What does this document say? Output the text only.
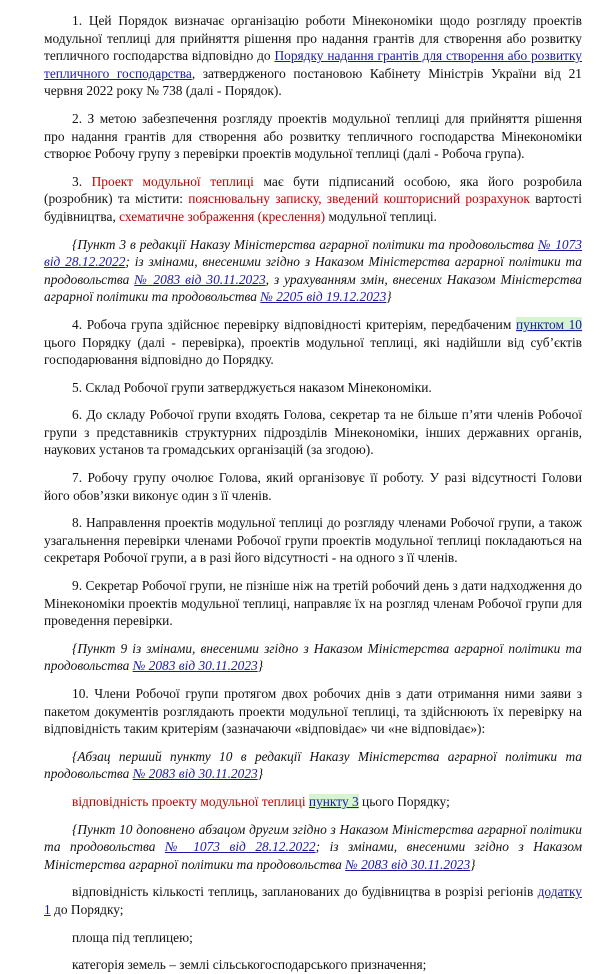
1. Цей Порядок визначає організацію роботи Мінекономіки щодо розгляду проектів модульної теплиці для прийняття рішення про надання грантів для створення або розвитку тепличного господарства відповідно до Порядку надання грантів для створення або розвитку тепличного господарства, затвердженого постановою Кабінету Міністрів України від 21 червня 2022 року № 738 (далі - Порядок).

2. З метою забезпечення розгляду проектів модульної теплиці для прийняття рішення про надання грантів для створення або розвитку тепличного господарства Мінекономіки створює Робочу групу з перевірки проектів модульної теплиці (далі - Робоча група).

3. Проект модульної теплиці має бути підписаний особою, яка його розробила (розробник) та містити: пояснювальну записку, зведений кошторисний розрахунок вартості будівництва, схематичне зображення (креслення) модульної теплиці.

{Пункт 3 в редакції Наказу Міністерства аграрної політики та продовольства № 1073 від 28.12.2022; із змінами, внесеними згідно з Наказом Міністерства аграрної політики та продовольства № 2083 від 30.11.2023, з урахуванням змін, внесених Наказом Міністерства аграрної політики та продовольства № 2205 від 19.12.2023}

4. Робоча група здійснює перевірку відповідності критеріям, передбаченим пунктом 10 цього Порядку (далі - перевірка), проектів модульної теплиці, які надійшли від суб’єктів господарювання відповідно до Порядку.

5. Склад Робочої групи затверджується наказом Мінекономіки.

6. До складу Робочої групи входять Голова, секретар та не більше п’яти членів Робочої групи з представників структурних підрозділів Мінекономіки, інших державних органів, наукових установ та громадських організацій (за згодою).

7. Робочу групу очолює Голова, який організовує її роботу. У разі відсутності Голови його обов’язки виконує один з її членів.

8. Направлення проектів модульної теплиці до розгляду членами Робочої групи, а також узагальнення перевірки членами Робочої групи проектів модульної теплиці покладаються на секретаря Робочої групи, а в разі його відсутності - на одного з її членів.

9. Секретар Робочої групи, не пізніше ніж на третій робочий день з дати надходження до Мінекономіки проектів модульної теплиці, направляє їх на розгляд членам Робочої групи для проведення перевірки.

{Пункт 9 із змінами, внесеними згідно з Наказом Міністерства аграрної політики та продовольства № 2083 від 30.11.2023}

10. Члени Робочої групи протягом двох робочих днів з дати отримання ними заяви з пакетом документів розглядають проекти модульної теплиці, та здійснюють їх перевірку на відповідність таким критеріям (зазначаючи «відповідає» чи «не відповідає»):

{Абзац перший пункту 10 в редакції Наказу Міністерства аграрної політики та продовольства № 2083 від 30.11.2023}

відповідність проекту модульної теплиці пункту 3 цього Порядку;

{Пункт 10 доповнено абзацом другим згідно з Наказом Міністерства аграрної політики та продовольства № 1073 від 28.12.2022; із змінами, внесеними згідно з Наказом Міністерства аграрної політики та продовольства № 2083 від 30.11.2023}

відповідність кількості теплиць, запланованих до будівництва в розрізі регіонів додатку 1 до Порядку;

площа під теплицею;

категорія земель – землі сільськогосподарського призначення;
